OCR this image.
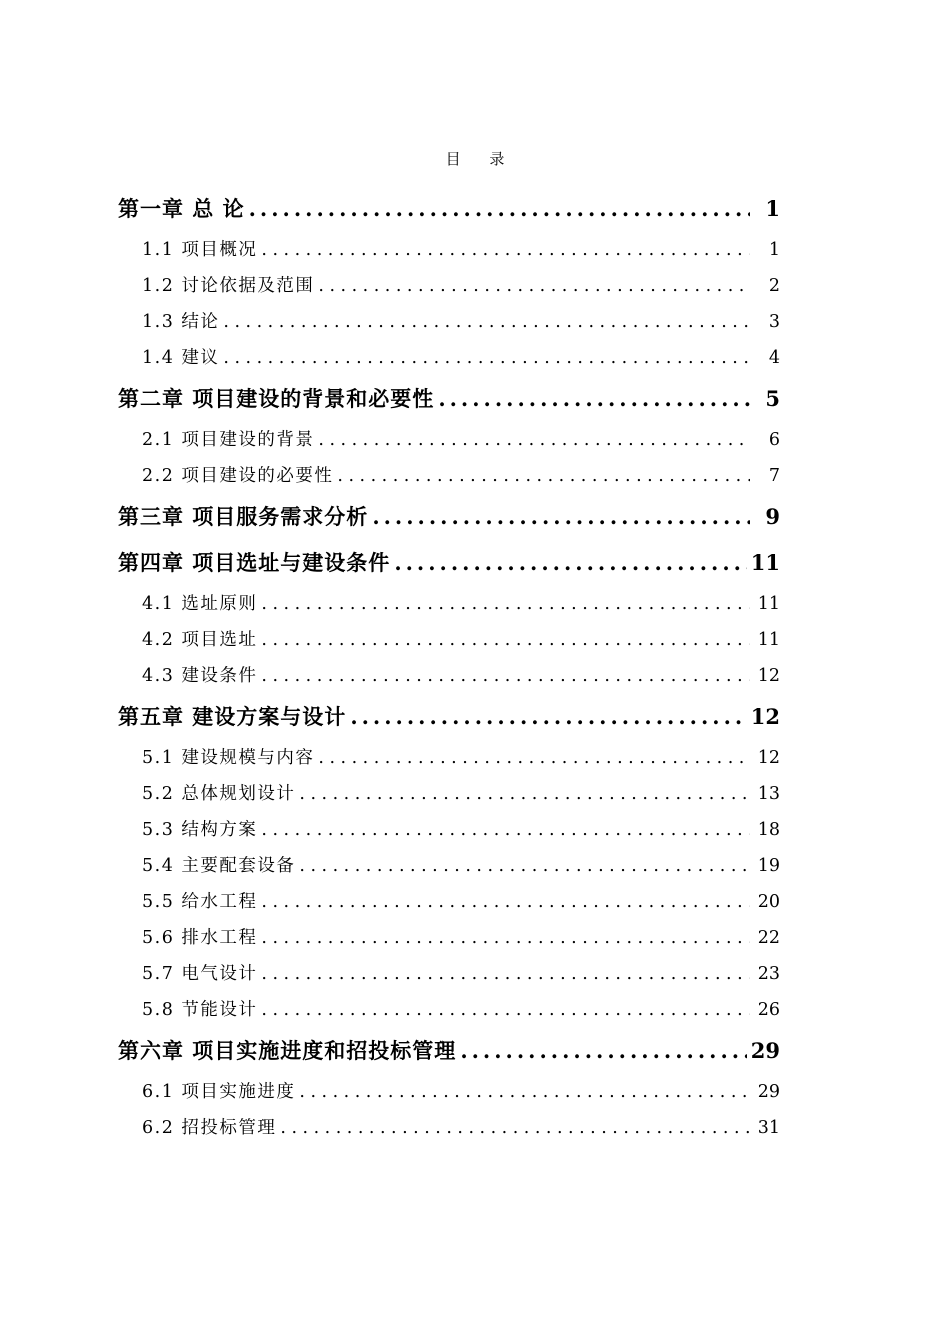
目 录
第一章 总 论 .....	1
1.1 项目概况 .....	1
1.2 讨论依据及范围 .....	2
1.3 结论 .....	3
1.4 建议 .....	4
第二章 项目建设的背景和必要性 .....	5
2.1 项目建设的背景 .....	6
2.2 项目建设的必要性 .....	7
第三章 项目服务需求分析 .....	9
第四章 项目选址与建设条件 .....	11
4.1 选址原则 .....	11
4.2 项目选址 .....	11
4.3 建设条件 .....	12
第五章 建设方案与设计 .....	12
5.1 建设规模与内容 .....	12
5.2 总体规划设计 .....	13
5.3 结构方案 .....	18
5.4 主要配套设备 .....	19
5.5 给水工程 .....	20
5.6 排水工程 .....	22
5.7 电气设计 .....	23
5.8 节能设计 .....	26
第六章 项目实施进度和招投标管理 .....	29
6.1 项目实施进度 .....	29
6.2 招投标管理 .....	31
